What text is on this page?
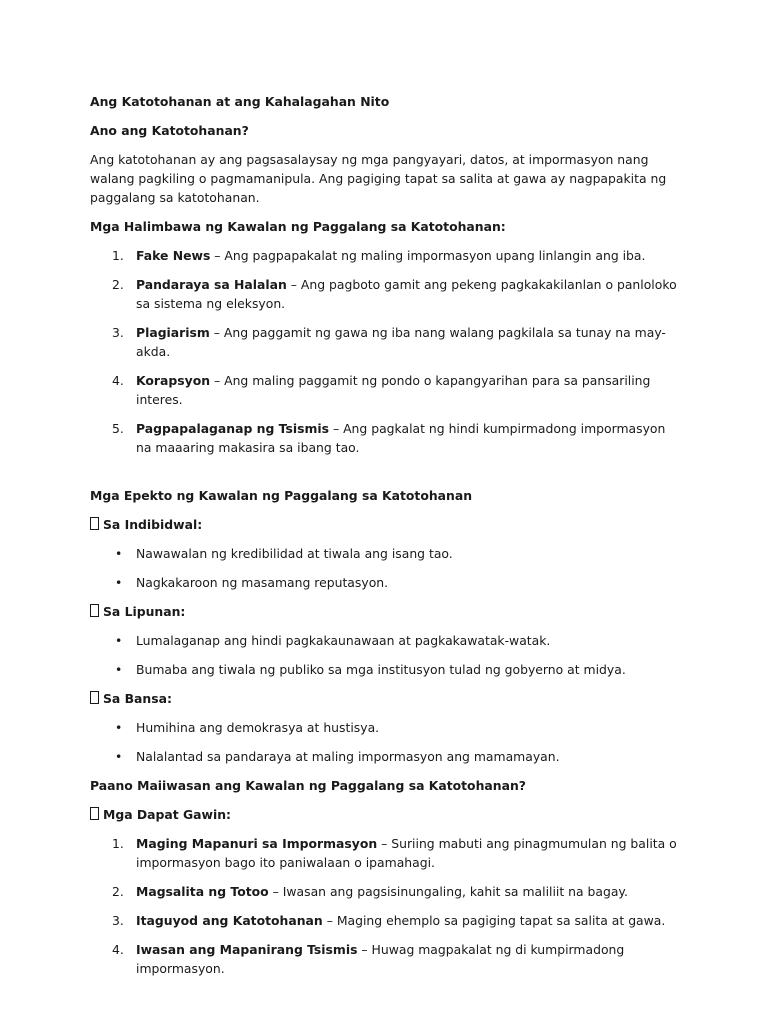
Ang Katotohanan at ang Kahalagahan Nito

Ano ang Katotohanan?

Ang katotohanan ay ang pagsasalaysay ng mga pangyayari, datos, at impormasyon nang walang pagkiling o pagmamanipula. Ang pagiging tapat sa salita at gawa ay nagpapakita ng paggalang sa katotohanan.

Mga Halimbawa ng Kawalan ng Paggalang sa Katotohanan:

1. Fake News – Ang pagpapakalat ng maling impormasyon upang linlangin ang iba.
2. Pandaraya sa Halalan – Ang pagboto gamit ang pekeng pagkakakilanlan o panloloko sa sistema ng eleksyon.
3. Plagiarism – Ang paggamit ng gawa ng iba nang walang pagkilala sa tunay na may-akda.
4. Korapsyon – Ang maling paggamit ng pondo o kapangyarihan para sa pansariling interes.
5. Pagpapalaganap ng Tsismis – Ang pagkalat ng hindi kumpirmadong impormasyon na maaaring makasira sa ibang tao.

Mga Epekto ng Kawalan ng Paggalang sa Katotohanan

Sa Indibidwal:

• Nawawalan ng kredibilidad at tiwala ang isang tao.
• Nagkakaroon ng masamang reputasyon.

Sa Lipunan:

• Lumalaganap ang hindi pagkakaunawaan at pagkakawatak-watak.
• Bumaba ang tiwala ng publiko sa mga institusyon tulad ng gobyerno at midya.

Sa Bansa:

• Humihina ang demokrasya at hustisya.
• Nalalantad sa pandaraya at maling impormasyon ang mamamayan.

Paano Maiiwasan ang Kawalan ng Paggalang sa Katotohanan?

Mga Dapat Gawin:

1. Maging Mapanuri sa Impormasyon – Suriing mabuti ang pinagmumulan ng balita o impormasyon bago ito paniwalaan o ipamahagi.
2. Magsalita ng Totoo – Iwasan ang pagsisinungaling, kahit sa maliliit na bagay.
3. Itaguyod ang Katotohanan – Maging ehemplo sa pagiging tapat sa salita at gawa.
4. Iwasan ang Mapanirang Tsismis – Huwag magpakalat ng di kumpirmadong impormasyon.
